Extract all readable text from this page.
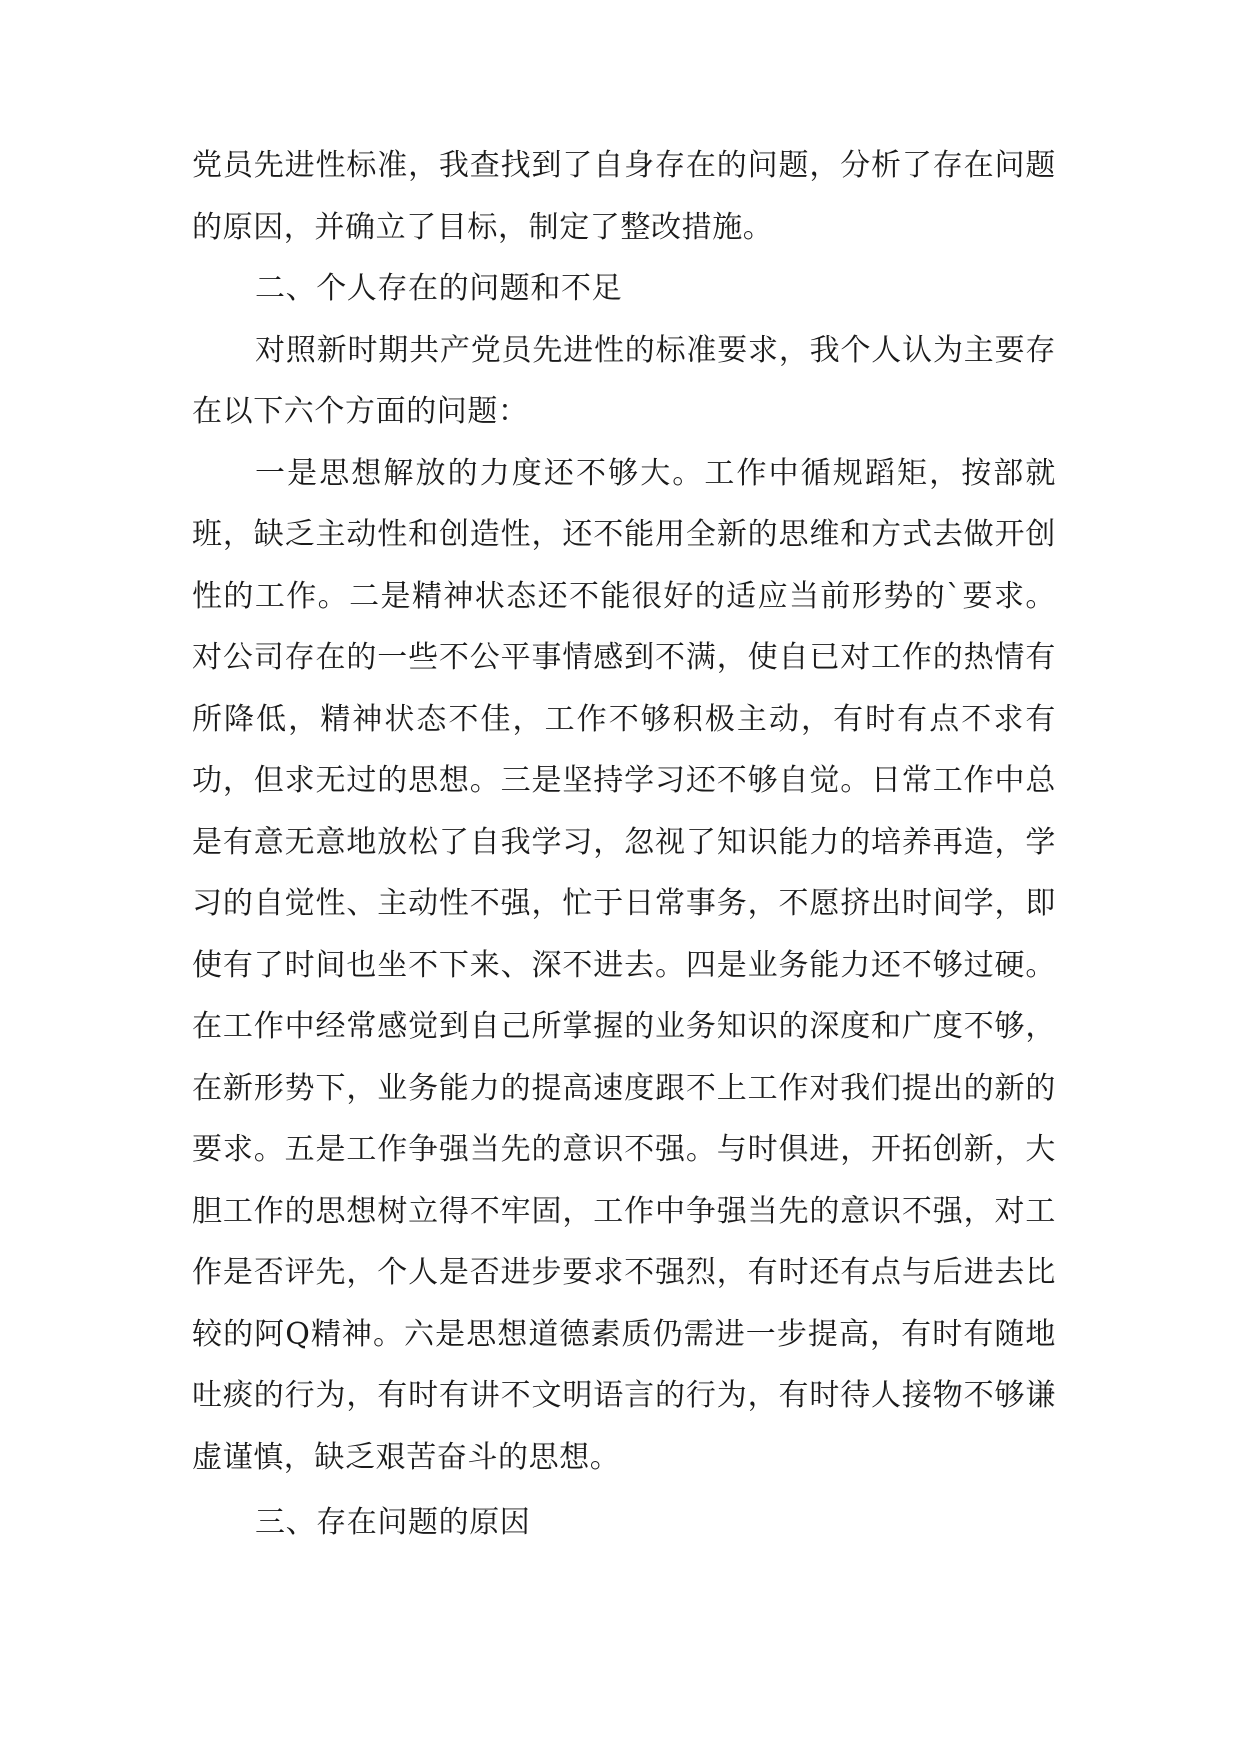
党员先进性标准，我查找到了自身存在的问题，分析了存在问题的原因，并确立了目标，制定了整改措施。

二、个人存在的问题和不足

对照新时期共产党员先进性的标准要求，我个人认为主要存在以下六个方面的问题：

一是思想解放的力度还不够大。工作中循规蹈矩，按部就班，缺乏主动性和创造性，还不能用全新的思维和方式去做开创性的工作。二是精神状态还不能很好的适应当前形势的`要求。对公司存在的一些不公平事情感到不满，使自已对工作的热情有所降低，精神状态不佳，工作不够积极主动，有时有点不求有功，但求无过的思想。三是坚持学习还不够自觉。日常工作中总是有意无意地放松了自我学习，忽视了知识能力的培养再造，学习的自觉性、主动性不强，忙于日常事务，不愿挤出时间学，即使有了时间也坐不下来、深不进去。四是业务能力还不够过硬。在工作中经常感觉到自己所掌握的业务知识的深度和广度不够，在新形势下，业务能力的提高速度跟不上工作对我们提出的新的要求。五是工作争强当先的意识不强。与时俱进，开拓创新，大胆工作的思想树立得不牢固，工作中争强当先的意识不强，对工作是否评先，个人是否进步要求不强烈，有时还有点与后进去比较的阿Q精神。六是思想道德素质仍需进一步提高，有时有随地吐痰的行为，有时有讲不文明语言的行为，有时待人接物不够谦虚谨慎，缺乏艰苦奋斗的思想。

三、存在问题的原因
